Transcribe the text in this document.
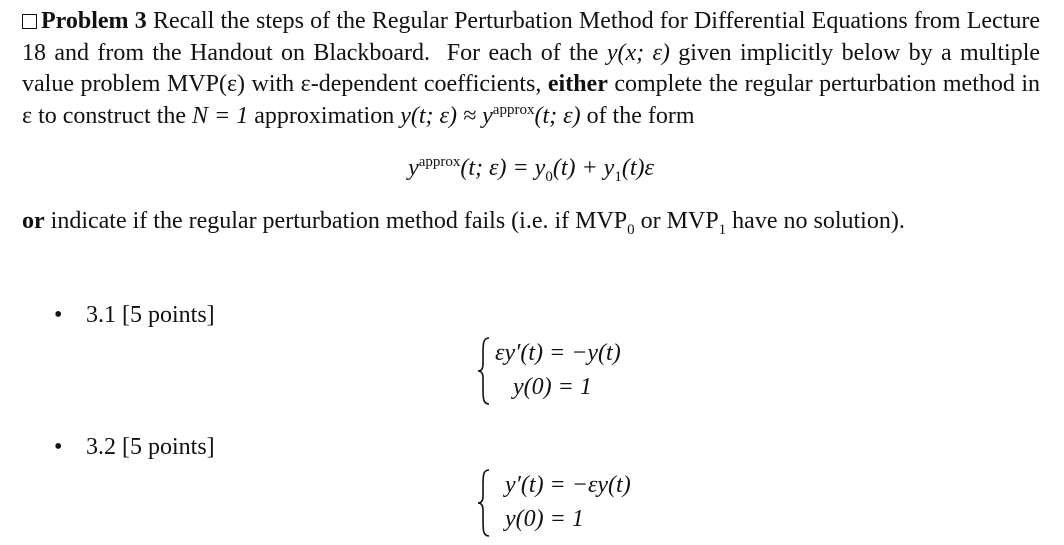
Problem 3 Recall the steps of the Regular Perturbation Method for Differential Equations from Lecture 18 and from the Handout on Blackboard. For each of the y(x; ε) given implicitly below by a multiple value problem MVP(ε) with ε-dependent coefficients, either complete the regular perturbation method in ε to construct the N = 1 approximation y(t; $\varepsilon) \approx y^{approx}(t$; ε) of the form

$y^{approx}(t$; $\varepsilon) = y_0(t) + y_1(t)\varepsilon$

or indicate if the regular perturbation method fails (i.e. if $MVP_0$ or $MVP_1$ have no solution).

• 3.1 [5 points]
εy′(t) = −y(t)
y(0) = 1
• 3.2 [5 points]
y′(t) = −εy(t)
y(0) = 1
